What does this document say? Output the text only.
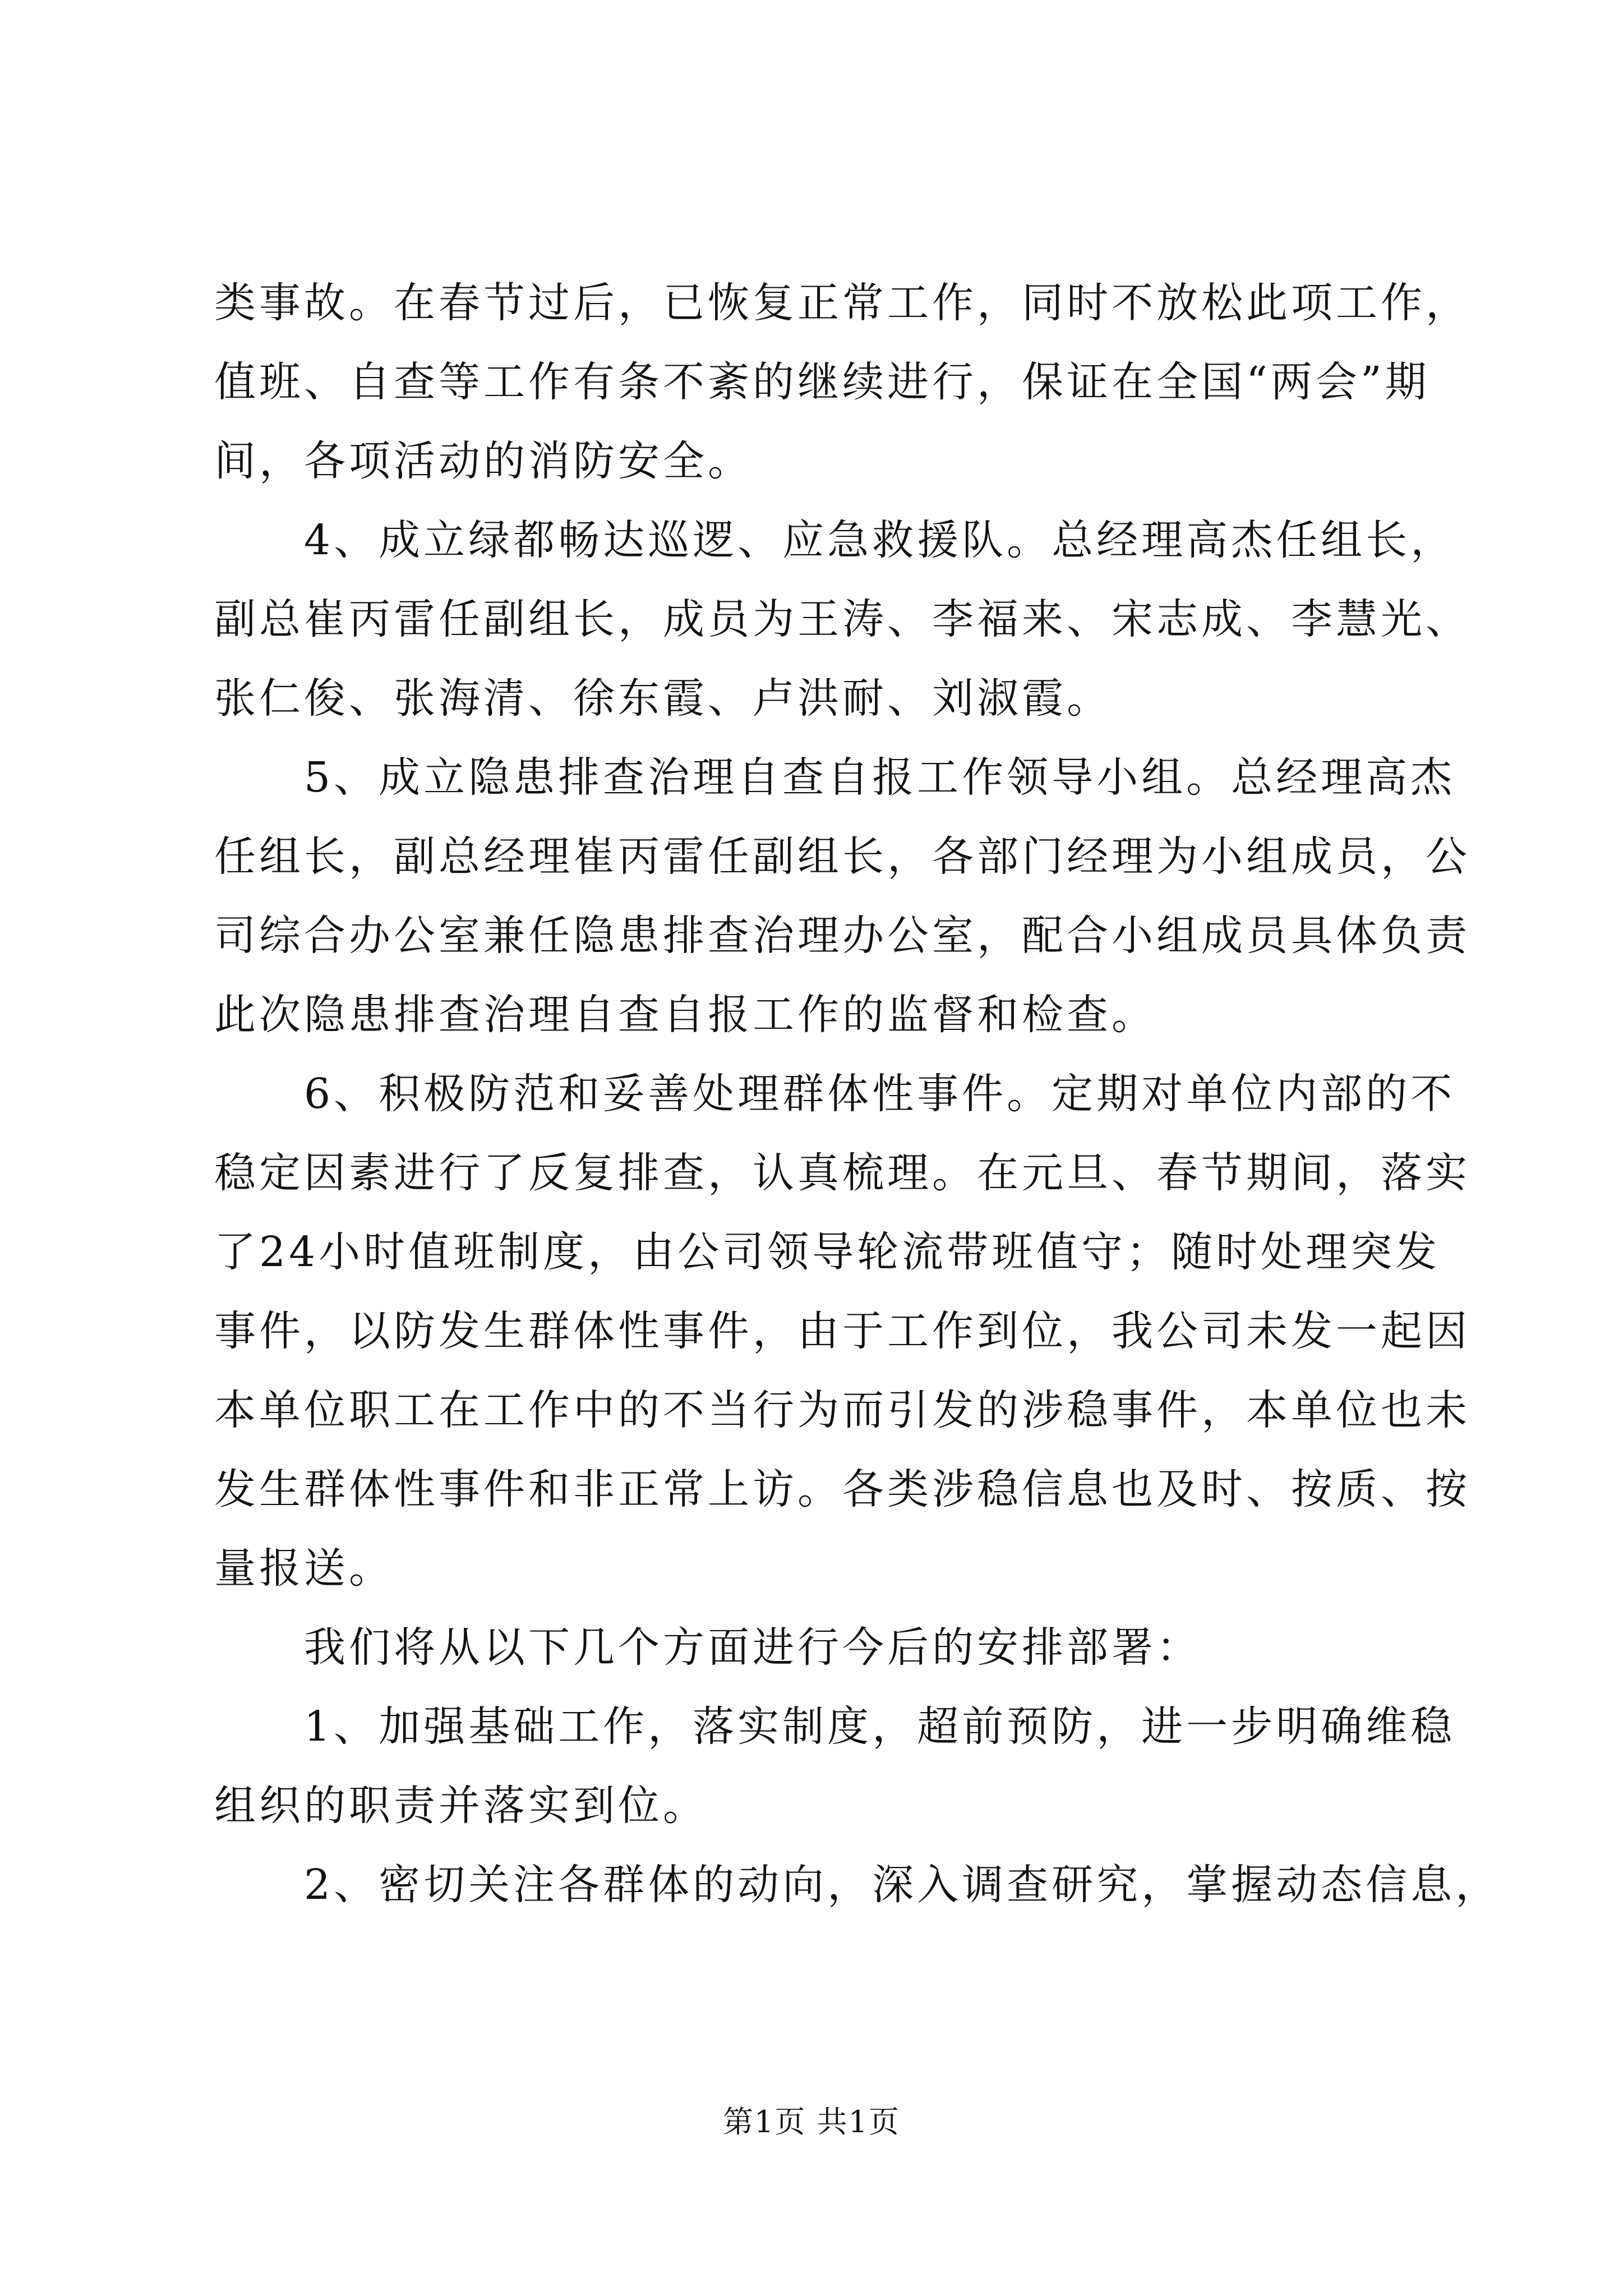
类事故。在春节过后，已恢复正常工作，同时不放松此项工作，

值班、自查等工作有条不紊的继续进行，保证在全国“两会”期

间，各项活动的消防安全。

　　4、成立绿都畅达巡逻、应急救援队。总经理高杰任组长，

副总崔丙雷任副组长，成员为王涛、李福来、宋志成、李慧光、

张仁俊、张海清、徐东霞、卢洪耐、刘淑霞。

　　5、成立隐患排查治理自查自报工作领导小组。总经理高杰

任组长，副总经理崔丙雷任副组长，各部门经理为小组成员，公

司综合办公室兼任隐患排查治理办公室，配合小组成员具体负责

此次隐患排查治理自查自报工作的监督和检查。

　　6、积极防范和妥善处理群体性事件。定期对单位内部的不

稳定因素进行了反复排查，认真梳理。在元旦、春节期间，落实

了24小时值班制度，由公司领导轮流带班值守；随时处理突发

事件，以防发生群体性事件，由于工作到位，我公司未发一起因

本单位职工在工作中的不当行为而引发的涉稳事件，本单位也未

发生群体性事件和非正常上访。各类涉稳信息也及时、按质、按

量报送。

　　我们将从以下几个方面进行今后的安排部署：

　　1、加强基础工作，落实制度，超前预防，进一步明确维稳

组织的职责并落实到位。

　　2、密切关注各群体的动向，深入调查研究，掌握动态信息，

第1页 共1页
